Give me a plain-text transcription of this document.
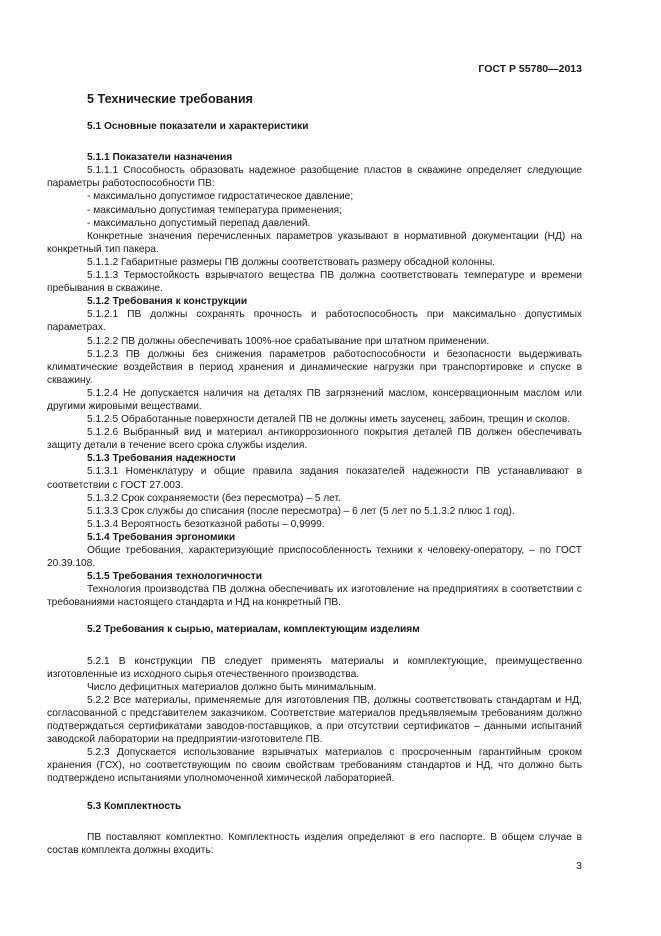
ГОСТ Р 55780—2013
5 Технические требования
5.1 Основные показатели и характеристики
5.1.1 Показатели назначения

5.1.1.1 Способность образовать надежное разобщение пластов в скважине определяет следующие параметры работоспособности ПВ:

- максимально допустимое гидростатическое давление;

- максимально допустимая температура применения;

- максимально допустимый перепад давлений.

Конкретные значения перечисленных параметров указывают в нормативной документации (НД) на конкретный тип пакера.

5.1.1.2 Габаритные размеры ПВ должны соответствовать размеру обсадной колонны.

5.1.1.3 Термостойкость взрывчатого вещества ПВ должна соответствовать температуре и времени пребывания в скважине.

5.1.2 Требования к конструкции

5.1.2.1 ПВ должны сохранять прочность и работоспособность при максимально допустимых параметрах.

5.1.2.2 ПВ должны обеспечивать 100%-ное срабатывание при штатном применении.

5.1.2.3 ПВ должны без снижения параметров работоспособности и безопасности выдерживать климатические воздействия в период хранения и динамические нагрузки при транспортировке и спуске в скважину.

5.1.2.4 Не допускается наличия на деталях ПВ загрязнений маслом, консервационным маслом или другими жировыми веществами.

5.1.2.5 Обработанные поверхности деталей ПВ не должны иметь заусенец, забоин, трещин и сколов.

5.1.2.6 Выбранный вид и материал антикоррозионного покрытия деталей ПВ должен обеспечивать защиту детали в течение всего срока службы изделия.

5.1.3 Требования надежности

5.1.3.1 Номенклатуру и общие правила задания показателей надежности ПВ устанавливают в соответствии с ГОСТ 27.003.

5.1.3.2 Срок сохраняемости (без пересмотра) – 5 лет.

5.1.3.3 Срок службы до списания (после пересмотра) – 6 лет (5 лет по 5.1.3.2 плюс 1 год).

5.1.3.4 Вероятность безотказной работы – 0,9999.

5.1.4 Требования эргономики

Общие требования, характеризующие приспособленность техники к человеку-оператору, – по ГОСТ 20.39.108.

5.1.5 Требования технологичности

Технология производства ПВ должна обеспечивать их изготовление на предприятиях в соответствии с требованиями настоящего стандарта и НД на конкретный ПВ.

5.2 Требования к сырью, материалам, комплектующим изделиям

5.2.1 В конструкции ПВ следует применять материалы и комплектующие, преимущественно изготовленные из исходного сырья отечественного производства.

Число дефицитных материалов должно быть минимальным.

5.2.2 Все материалы, применяемые для изготовления ПВ, должны соответствовать стандартам и НД, согласованной с представителем заказчиком. Соответствие материалов предъявляемым требованиям должно подтверждаться сертификатами заводов-поставщиков, а при отсутствии сертификатов – данными испытаний заводской лаборатории на предприятии-изготовителе ПВ.

5.2.3 Допускается использование взрывчатых материалов с просроченным гарантийным сроком хранения (ГСХ), но соответствующим по своим свойствам требованиям стандартов и НД, что должно быть подтверждено испытаниями уполномоченной химической лабораторией.

5.3 Комплектность

ПВ поставляют комплектно. Комплектность изделия определяют в его паспорте. В общем случае в состав комплекта должны входить:

3
